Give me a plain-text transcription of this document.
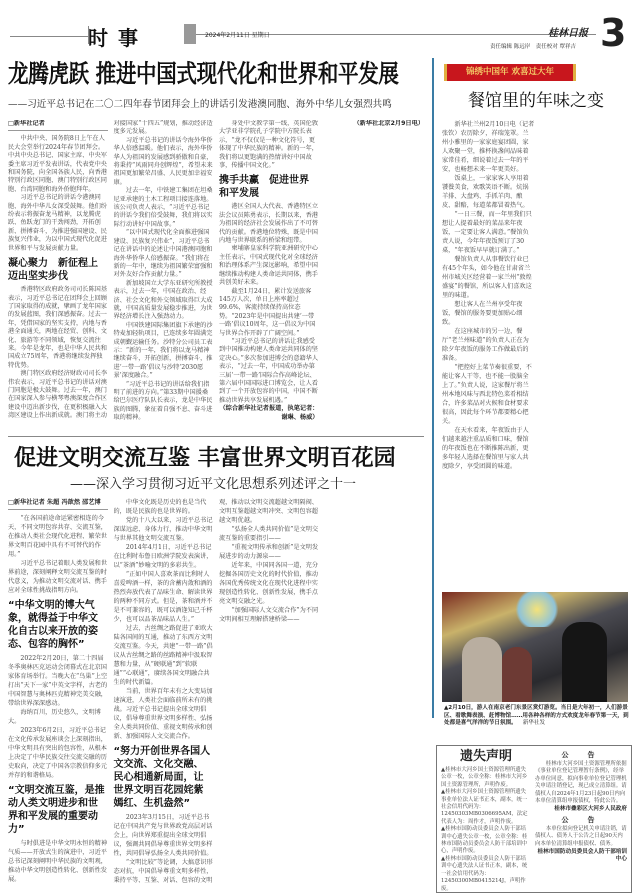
时事	2024年2月11日 星期日	桂林日报
责任编辑 陈远岸　责任校对 覃祥吉 3
龙腾虎跃 推进中国式现代化和世界和平发展
——习近平总书记在二〇二四年春节团拜会上的讲话引发港澳同胞、海外中华儿女强烈共鸣

□新华社记者

中共中央、国务院8日上午在人民大会堂举行2024年春节团拜会。中共中央总书记、国家主席、中央军委主席习近平发表讲话，代表党中央和国务院，向全国各族人民，向香港特别行政区同胞、澳门特别行政区同胞、台湾同胞和海外侨胞拜年。

习近平总书记的讲话令港澳同胞、海外中华儿女深受鼓舞。他们纷纷表示将振奋龙马精神，以龙腾虎跃、鱼跃龙门的干劲闯劲，开拓创新、拼搏奋斗，为推进强国建设、民族复兴伟业，为以中国式现代化促进世界和平与发展贡献力量。

凝心聚力　新征程上迈出坚实步伐

香港特区政府政务司司长陈国基表示，习近平总书记在团拜会上回顾了国家取得的成就，擘画了龙年国家的发展蓝图，我们深感振奋。过去一年，凭借国家的坚实支持，内地与香港全面通关，两地在经贸、创科、文化、旅游等不同领域，恢复交流往来。今年是龙年，也是中华人民共和国成立75周年，香港将继续发挥独特优势。

澳门特区政府经济财政司司长李伟农表示，习近平总书记的讲话对澳门同胞是极大鼓舞。过去一年，澳门在国家深入参与横琴粤澳深度合作区建设中迈出新步伐，在更积极融入大湾区建设上作出新成就。澳门将主动对接国家“十四五”规划，推动经济适度多元发展。

习近平总书记的讲话令海外华侨华人倍感温暖。他们表示，海外华侨华人为祖国的发展感到骄傲和自豪，将秉持“风雨同舟创辉煌”，希望未来祖国更加繁荣昌盛、人民更加幸福安康。

过去一年，中铁建工集团在坦桑尼亚承建的土木工程项目接连落地。该公司负责人表示，“习近平总书记的讲话令我们倍受鼓舞，我们将以实际行动讲好中国故事。”

“以中国式现代化全面推进强国建设、民族复兴伟业”，习近平总书记在讲话中的论述让中国港澳同胞和海外华侨华人倍感振奋。“我们将在新的一年中，继续为祖国繁荣富强和对外友好合作贡献力量。”

新加坡国立大学东亚研究所教授表示，过去一年，中国在政治、经济、社会文化和外交领域取得巨大成就，中国高质量发展稳步推进，为世界经济增长注入强劲动力。

中国铁建国际集团旗下承建的沙特麦加轻轨项目，已连续多年圆满完成朝觐运输任务。沙特分公司员工表示：“新的一年，我们将以龙马精神继续奋斗，开拓创新，拼搏奋斗，推进‘一带一路’倡议与沙特‘2030愿景’深度融合。”

“习近平总书记的讲话给我们指明了前进的方向。”第33期中国援桑给巴尔医疗队队长表示，龙是中华民族的图腾，象征着自强不息、奋斗进取的精神。

身处中文教学第一线，英国伦敦大学亚非学院孔子学院中方院长表示，“龙不仅仅是一种文化符号，更体现了中华民族的精神。新的一年，我们将以更饱满的热情讲好中国故事，传播中国文化。”

携手共赢　促进世界和平发展

港区全国人大代表、香港特区立法会议员陈勇表示，长期以来，香港为祖国的经济社会发展作出了不可替代的贡献。香港地位特殊，既是中国内地与世界联系的桥梁和纽带。

柬埔寨皇家科学院亚洲研究中心主任表示，中国式现代化对全球经济和治理体系产生深远影响，希望中国继续推动构建人类命运共同体，携手共创美好未来。

截至1月24日，累计发送旅客145万人次，单日上座率超过99.6%，客流持续保持高位态势。“2023年是中国提出共建‘一带一路’倡议10周年，这一倡议为中国与世界合作开辟了广阔空间。”

“习近平总书记的讲话让我感受到中国推动构建人类命运共同体的坚定决心。”多次参加进博会的意籍华人表示，“过去一年，中国成功举办第三届‘一带一路’国际合作高峰论坛、第六届中国国际进口博览会，让人看到了一个开放包容的中国，中国不断推动世界共享发展机遇。”

（综合新华社记者报道，执笔记者：谢琳、杨威）

（新华社北京2月9日电）

促进文明交流互鉴 丰富世界文明百花园
——深入学习贯彻习近平文化思想系列述评之十一

□新华社记者 朱超 冯歆然 邵艺博

“在各国前途命运紧密相连的今天，不同文明包容共存、交流互鉴，在推动人类社会现代化进程、繁荣世界文明百花园中具有不可替代的作用。”

习近平总书记着眼人类发展和世界前途，深刻阐释文明交流互鉴的时代意义，为推动文明交流对话、携手应对全球性挑战指明方向。

“中华文明的博大气象，就得益于中华文化自古以来开放的姿态、包容的胸怀”

2022年2月20日，第二十四届冬季奥林匹克运动会闭幕式在北京国家体育场举行。当晚大在“鸟巢”上空打出“天下一家”中英文字样，古老的中国智慧与奥林匹克精神完美交融，带给世界深深感动。

海纳百川，历史悠久，文明博大。

2023年6月2日，习近平总书记在文化传承发展座谈会上深刻指出，中华文明具有突出的包容性，从根本上决定了中华民族交往交流交融的历史取向，决定了中国各宗教信仰多元并存的和谐格局。

“文明交流互鉴，是推动人类文明进步和世界和平发展的重要动力”

与时俱进是中华文明永恒的精神气质——开放式生的演进中，习近平总书记深刻阐明中华民族的文明观，推动中华文明创造性转化、创新性发展。

中华文化既是历史的也是当代的，既是民族的也是世界的。

党的十八大以来，习近平总书记深谋远虑、身体力行，推动中华文明与世界其他文明交流互鉴。

2014年4月1日，习近平总书记在比利时布鲁日欧洲学院发表演讲，以“茶酒”妙喻文明的多彩共生。

“正如中国人喜欢茶而比利时人喜爱啤酒一样，茶的含蓄内敛和酒的热烈奔放代表了品味生命、解读世界的两种不同方式。但是，茶和酒并不是不可兼容的，既可以酒逢知己千杯少，也可以品茶品味品人生。”

过去，古丝绸之路促进了亚欧大陆各国间的互通，推动了东西方文明交流互鉴。今天，共建“一带一路”倡议从古丝绸之路的丝路精神中汲取智慧和力量，从“硬联通”到“软联通”“心联通”，赓续各国文明融合共生的时代新篇。

当前，世界百年未有之大变局加速演进，人类社会面临前所未有的挑战。习近平总书记提出全球文明倡议，倡导尊重世界文明多样性、弘扬全人类共同价值、重视文明传承和创新、加强国际人文交流合作。

“努力开创世界各国人文交流、文化交融、民心相通新局面，让世界文明百花园姹紫嫣红、生机盎然”

2023年3月15日，习近平总书记在中国共产党与世界政党高层对话会上，向世界郑重提出全球文明倡议，强调共同倡导尊重世界文明多样性，共同倡导弘扬全人类共同价值。

“文明比较”等论调，大搞意识形态对抗，中国倡导尊重文明多样性，秉持平等、互鉴、对话、包容的文明观，推动以文明交流超越文明隔阂、文明互鉴超越文明冲突、文明包容超越文明优越。

“弘扬全人类共同价值”是文明交流互鉴的重要指引——

“重视文明传承和创新”是文明发展进步的动力源泉——

近年来，中国同各国一道，充分挖掘各国历史文化的时代价值，推动各国优秀传统文化在现代化进程中实现创造性转化、创新性发展，携手点亮文明交融之光。

“加强国际人文交流合作”为不同文明间相互理解搭建桥梁——

锦绣中国年 欢喜过大年
餐馆里的年味之变

新华社兰州2月10日电（记者 张钦）农历除夕，祥瑞笼罩。兰州小雅里的一家家庭宴团圆，家人欢聚一堂，推杯换盏间品味着家常佳肴，细说着过去一年的平安，也畅想未来一年更美好。

饭桌上，一家家客人享用着饕餮美食，欢歌笑语不断。炕锅羊排、大盘鸡、手抓羊肉、酿皮、甜醅，每道菜都冒着热气。

“一日三餐，而一年里我们只想让人提着最好的菜品来年夜饭，一定要让客人满意。”餐馆负责人说，今年年夜饭预订了30桌，“年夜饭早早就订满了。”

餐馆负责人从事餐饮行业已有45个年头，如今他在甘肃省兰州市城关区经营着一家兰州“敦煌盛宴”的餐馆，所以客人们喜欢这里的味道。

想让客人在兰州享受年夜饭，餐馆的服务要更加贴心细致。

在这座城市的另一边，餐厅“老兰州味道”的负责人正在为除夕年夜饭的服务工作做最后的准备。

“把控好上菜节奏很重要，不能让客人干等，也不能一股脑全上了。”负责人说，这家餐厅将兰州本地风味与西北特色菜肴相结合，许多菜品对火候和食材要求很高，因此每个环节都要精心把关。

在天水看来，年夜饭由于人们越来越注重品质和口味，餐馆的年夜饭也在不断推陈出新，更多年轻人选择在餐馆里与家人共度除夕，享受团圆的味道。

▲2月10日，游人在南京老门东景区赏灯游览。当日是大年初一，人们游景区、看歌舞表演、赶博物馆……用各种各样的方式欢度龙年春节第一天，到处都是喜气洋洋的节日氛围。 新华社发
遗失声明

▲桂林市大河乡国土资源管理所遗失公章一枚，公章全称：桂林市大河乡国土资源管理所，声明作废。

▲桂林市大河乡国土资源管理所遗失事业单位法人证书正本，副本，统一社会信用代码为：12450303MB0306695AM，法定代表人为：周作才，声明作废。

▲桂林市国防动员委员会人防干部培训中心遗失公章一枚，公章全称：桂林市国防动员委员会人防干部培训中心，声明作废。

▲桂林市国防动员委员会人防干部培训中心遗失法人证书正本，副本，统一社会信用代码为：12450300MB0415214J，声明作废。

公　告
桂林市大河乡国土资源管理所依据《事业单位登记管理暂行条例》，经举办单位同意，拟向事业单位登记管理机关申请注销登记，现已成立清算组。请债权人自2024年1月23日起90日内向本单位清算组申报债权，特此公告。
桂林市叠彩区大河乡人民政府
公　告
本单位拟向登记机关申请注销，请债权人、债务人于公告之日起90天内向本单位清算组申报债权、债务。
桂林市国防动员委员会人防干部培训中心
